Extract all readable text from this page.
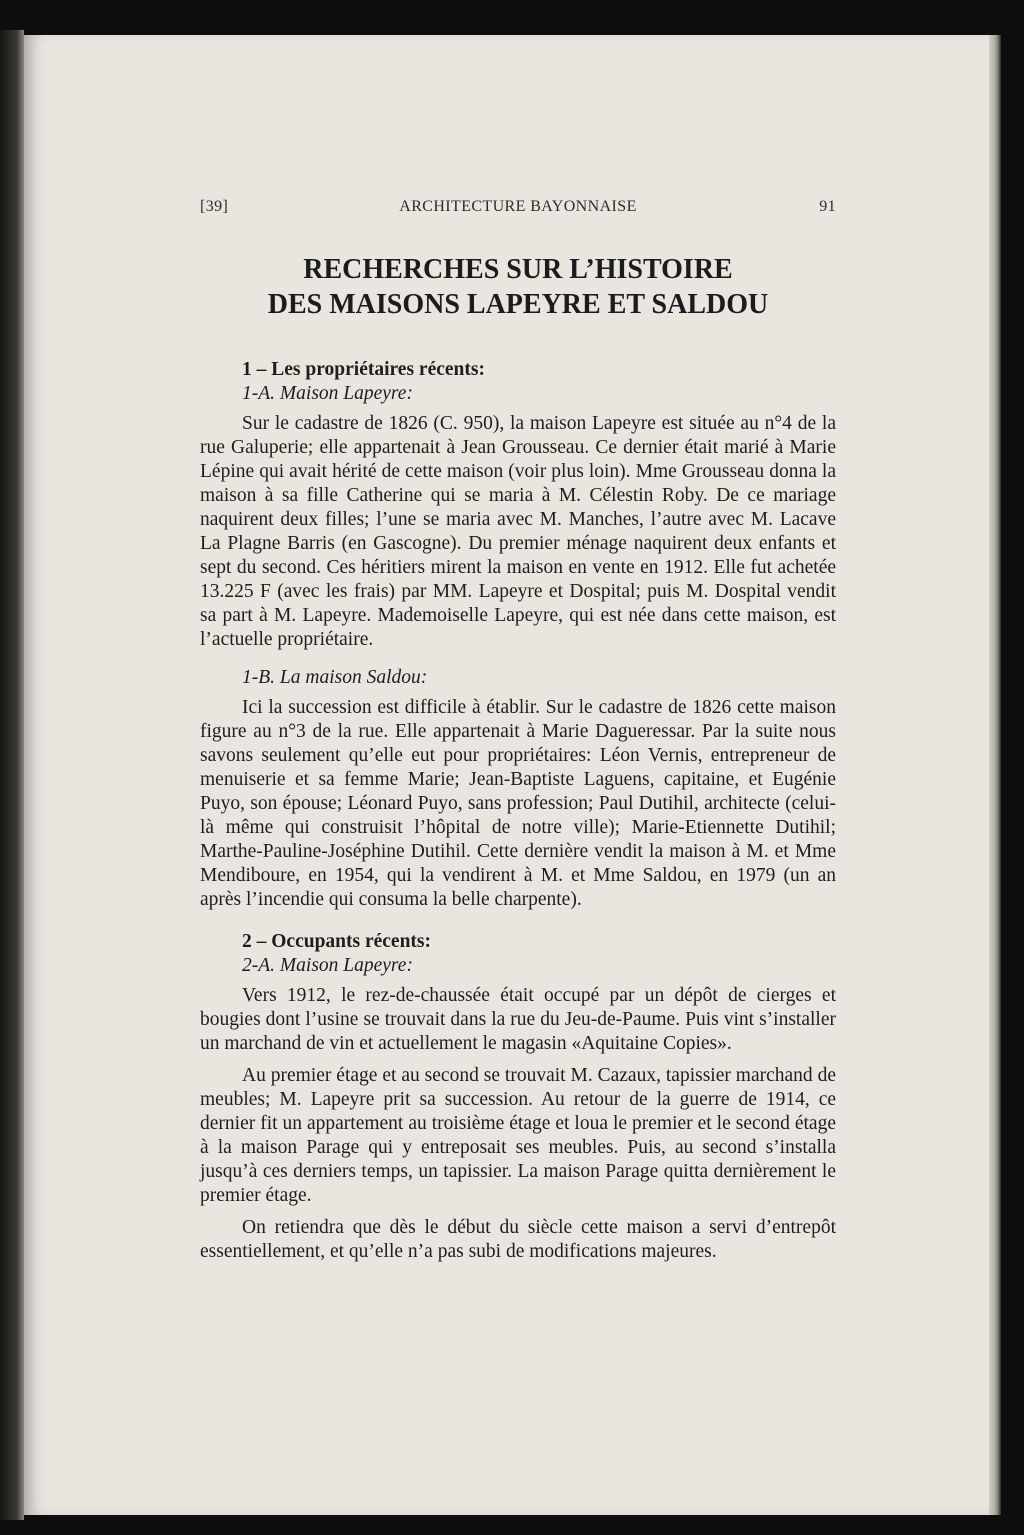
[39]	ARCHITECTURE BAYONNAISE	91
RECHERCHES SUR L’HISTOIRE
DES MAISONS LAPEYRE ET SALDOU
1 – Les propriétaires récents:
1-A. Maison Lapeyre:

Sur le cadastre de 1826 (C. 950), la maison Lapeyre est située au n°4 de la rue Galuperie; elle appartenait à Jean Grousseau. Ce dernier était marié à Marie Lépine qui avait hérité de cette maison (voir plus loin). Mme Grousseau donna la maison à sa fille Catherine qui se maria à M. Célestin Roby. De ce mariage naquirent deux filles; l’une se maria avec M. Manches, l’autre avec M. Lacave La Plagne Barris (en Gascogne). Du premier ménage naquirent deux enfants et sept du second. Ces héritiers mirent la maison en vente en 1912. Elle fut achetée 13.225 F (avec les frais) par MM. Lapeyre et Dospital; puis M. Dospital vendit sa part à M. Lapeyre. Mademoiselle Lapeyre, qui est née dans cette maison, est l’actuelle propriétaire.

1-B. La maison Saldou:

Ici la succession est difficile à établir. Sur le cadastre de 1826 cette maison figure au n°3 de la rue. Elle appartenait à Marie Dagueressar. Par la suite nous savons seulement qu’elle eut pour propriétaires: Léon Vernis, entrepreneur de menuiserie et sa femme Marie; Jean-Baptiste Laguens, capitaine, et Eugénie Puyo, son épouse; Léonard Puyo, sans profession; Paul Dutihil, architecte (celui-là même qui construisit l’hôpital de notre ville); Marie-Etiennette Dutihil; Marthe-Pauline-Joséphine Dutihil. Cette dernière vendit la maison à M. et Mme Mendiboure, en 1954, qui la vendirent à M. et Mme Saldou, en 1979 (un an après l’incendie qui consuma la belle charpente).

2 – Occupants récents:
2-A. Maison Lapeyre:

Vers 1912, le rez-de-chaussée était occupé par un dépôt de cierges et bougies dont l’usine se trouvait dans la rue du Jeu-de-Paume. Puis vint s’installer un marchand de vin et actuellement le magasin «Aquitaine Copies».

Au premier étage et au second se trouvait M. Cazaux, tapissier marchand de meubles; M. Lapeyre prit sa succession. Au retour de la guerre de 1914, ce dernier fit un appartement au troisième étage et loua le premier et le second étage à la maison Parage qui y entreposait ses meubles. Puis, au second s’installa jusqu’à ces derniers temps, un tapissier. La maison Parage quitta dernièrement le premier étage.

On retiendra que dès le début du siècle cette maison a servi d’entrepôt essentiellement, et qu’elle n’a pas subi de modifications majeures.
